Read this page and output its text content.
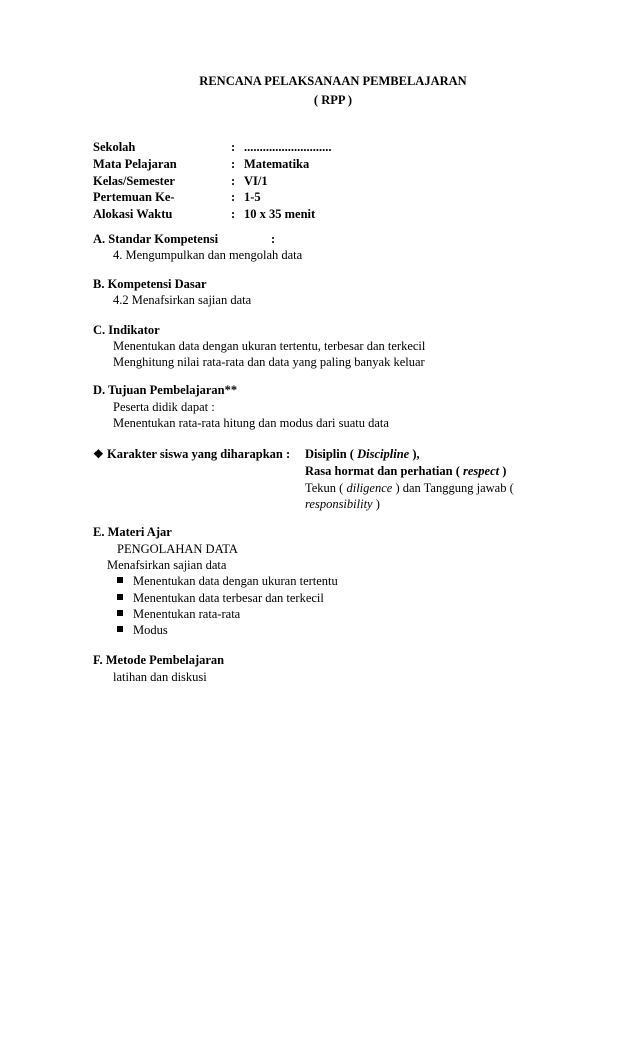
RENCANA PELAKSANAAN PEMBELAJARAN
( RPP )
Sekolah	: ............................
Mata Pelajaran	: Matematika
Kelas/Semester	: VI/1
Pertemuan Ke-	: 1-5
Alokasi Waktu	: 10 x 35 menit
A. Standar Kompetensi	:
4. Mengumpulkan dan mengolah data
B. Kompetensi Dasar
4.2 Menafsirkan sajian data
C. Indikator
Menentukan data dengan ukuran tertentu, terbesar dan terkecil
Menghitung nilai rata-rata dan data yang paling banyak keluar
D. Tujuan Pembelajaran**
Peserta didik dapat :
Menentukan rata-rata hitung dan modus dari suatu data
❖ Karakter siswa yang diharapkan : Disiplin ( Discipline ),
Rasa hormat dan perhatian ( respect )
Tekun ( diligence ) dan Tanggung jawab (
responsibility )
E. Materi Ajar
PENGOLAHAN DATA
Menafsirkan sajian data
Menentukan data dengan ukuran tertentu
Menentukan data terbesar dan terkecil
Menentukan rata-rata
Modus
F. Metode Pembelajaran
latihan dan diskusi
